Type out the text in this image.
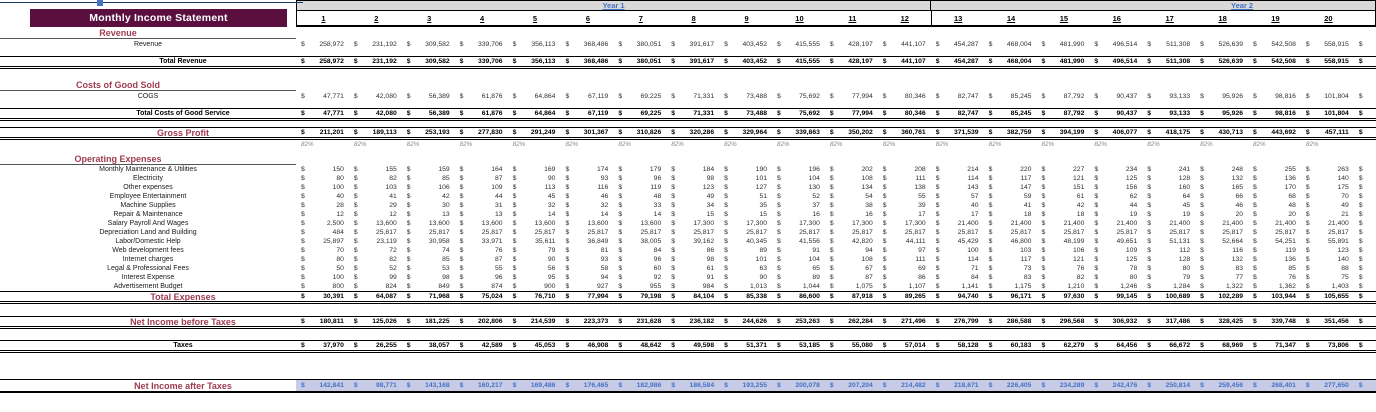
Monthly Income Statement
Year 1	Year 2
1	2	3	4	5	6	7	8	9	10	11	12	13	14	15	16	17	18	19	20
Revenue
Revenue	$ 258,972	$ 231,192	$ 309,582	$ 339,706	$ 356,113	$ 368,486	$ 380,051	$ 391,617	$ 403,452	$ 415,555	$ 428,197	$ 441,107	$ 454,287	$ 468,004	$ 481,990	$ 496,514	$ 511,308	$ 526,639	$ 542,508	$ 558,915	$
Total Revenue	$ 258,972	$ 231,192	$ 309,582	$ 339,706	$ 356,113	$ 368,486	$ 380,051	$ 391,617	$ 403,452	$ 415,555	$ 428,197	$ 441,107	$ 454,287	$ 468,004	$ 481,990	$ 496,514	$ 511,308	$ 526,639	$ 542,508	$ 558,915	$
Costs of Good Sold
COGS	$	47,771	$	42,080	$	56,389	$	61,876	$	64,864	$	67,119	$	69,225	$	71,331	$	73,488	$	75,692	$	77,994	$	80,346	$	82,747	$	85,245	$	87,792	$	90,437	$	93,133	$	95,926	$	98,816	$ 101,804	$
Total Costs of Good Service	$	47,771	$	42,080	$	56,389	$	61,876	$	64,864	$	67,119	$	69,225	$	71,331	$	73,488	$	75,692	$	77,994	$	80,346	$	82,747	$	85,245	$	87,792	$	90,437	$	93,133	$	95,926	$	98,816	$ 101,804	$
Gross Profit	$ 211,201	$ 189,113	$ 253,193	$ 277,830	$ 291,249	$ 301,367	$ 310,826	$ 320,286	$ 329,964	$ 339,863	$ 350,202	$ 360,761	$ 371,539	$ 382,759	$ 394,199	$ 406,077	$ 418,175	$ 430,713	$ 443,692	$ 457,111	$
82%	82%	82%	82%	82%	82%	82%	82%	82%	82%	82%	82%	82%	82%	82%	82%	82%	82%	82%	82%
Operating Expenses
Monthly Maintenance & Utilities	$	150	$	155	$	159	$	164	$	169	$	174	$	179	$	184	$	190	$	196	$	202	$	208	$	214	$	220	$	227	$	234	$	241	$	248	$	255	$	263	$
Electricity	$	80	$	82	$	85	$	87	$	90	$	93	$	96	$	98	$	101	$	104	$	108	$	111	$	114	$	117	$	121	$	125	$	128	$	132	$	136	$	140	$
Other expenses	$	100	$	103	$	106	$	109	$	113	$	116	$	119	$	123	$	127	$	130	$	134	$	138	$	143	$	147	$	151	$	156	$	160	$	165	$	170	$	175	$
Employee Entertainment	$	40	$	41	$	42	$	44	$	45	$	46	$	48	$	49	$	51	$	52	$	54	$	55	$	57	$	59	$	61	$	62	$	64	$	66	$	68	$	70	$
Machine Supplies	$	28	$	29	$	30	$	31	$	32	$	32	$	33	$	34	$	35	$	37	$	38	$	39	$	40	$	41	$	42	$	44	$	45	$	46	$	48	$	49	$
Repair & Maintenance	$	12	$	12	$	13	$	13	$	14	$	14	$	14	$	15	$	15	$	16	$	16	$	17	$	17	$	18	$	18	$	19	$	19	$	20	$	20	$	21	$
Salary Payroll And Wages	$	2,500	$	13,600	$	13,600	$	13,600	$	13,600	$	13,600	$	13,600	$	17,300	$	17,300	$	17,300	$	17,300	$	17,300	$	21,400	$	21,400	$	21,400	$	21,400	$	21,400	$	21,400	$	21,400	$	21,400	$
Depreciation Land and Building	$	484	$	25,817	$	25,817	$	25,817	$	25,817	$	25,817	$	25,817	$	25,817	$	25,817	$	25,817	$	25,817	$	25,817	$	25,817	$	25,817	$	25,817	$	25,817	$	25,817	$	25,817	$	25,817	$	25,817	$
Labor/Domestic Help	$	25,897	$	23,119	$	30,958	$	33,971	$	35,611	$	36,849	$	38,005	$	39,162	$	40,345	$	41,556	$	42,820	$	44,111	$	45,429	$	46,800	$	48,199	$	49,651	$	51,131	$	52,664	$	54,251	$	55,891	$
Web development fees	$	70	$	72	$	74	$	76	$	79	$	81	$	84	$	86	$	89	$	91	$	94	$	97	$	100	$	103	$	106	$	109	$	112	$	116	$	119	$	123	$
Internet charges	$	80	$	82	$	85	$	87	$	90	$	93	$	96	$	98	$	101	$	104	$	108	$	111	$	114	$	117	$	121	$	125	$	128	$	132	$	136	$	140	$
Legal & Professional Fees	$	50	$	52	$	53	$	55	$	56	$	58	$	60	$	61	$	63	$	65	$	67	$	69	$	71	$	73	$	76	$	78	$	80	$	83	$	85	$	88	$
Interest Expense	$	100	$	99	$	98	$	96	$	95	$	94	$	92	$	91	$	90	$	89	$	87	$	86	$	84	$	83	$	82	$	80	$	79	$	77	$	76	$	75	$
Advertisement Budget	$	800	$	824	$	849	$	874	$	900	$	927	$	955	$	984	$	1,013	$	1,044	$	1,075	$	1,107	$	1,141	$	1,175	$	1,210	$	1,246	$	1,284	$	1,322	$	1,362	$	1,403	$
Total Expenses	$	30,391	$	64,087	$	71,968	$	75,024	$	76,710	$	77,994	$	79,198	$	84,104	$	85,338	$	86,600	$	87,918	$	89,265	$	94,740	$	96,171	$	97,630	$	99,145	$ 100,689	$ 102,289	$ 103,944	$ 105,655	$
Net Income before Taxes	$ 180,811	$ 125,026	$ 181,225	$ 202,806	$ 214,539	$ 223,373	$ 231,628	$ 236,182	$ 244,626	$ 253,263	$ 262,284	$ 271,496	$ 276,799	$ 286,588	$ 296,568	$ 306,932	$ 317,486	$ 328,425	$ 339,748	$ 351,456	$
Taxes	$	37,970	$	26,255	$	38,057	$	42,589	$	45,053	$	46,908	$	48,642	$	49,598	$	51,371	$	53,185	$	55,080	$	57,014	$	58,128	$	60,183	$	62,279	$	64,456	$	66,672	$	68,969	$	71,347	$	73,806	$
Net Income after Taxes	$ 142,841	$	98,771	$ 143,168	$ 160,217	$ 169,486	$ 176,465	$ 182,986	$ 186,584	$ 193,255	$ 200,078	$ 207,204	$ 214,482	$ 218,671	$ 226,405	$ 234,289	$ 242,476	$ 250,814	$ 259,456	$ 268,401	$ 277,650	$
